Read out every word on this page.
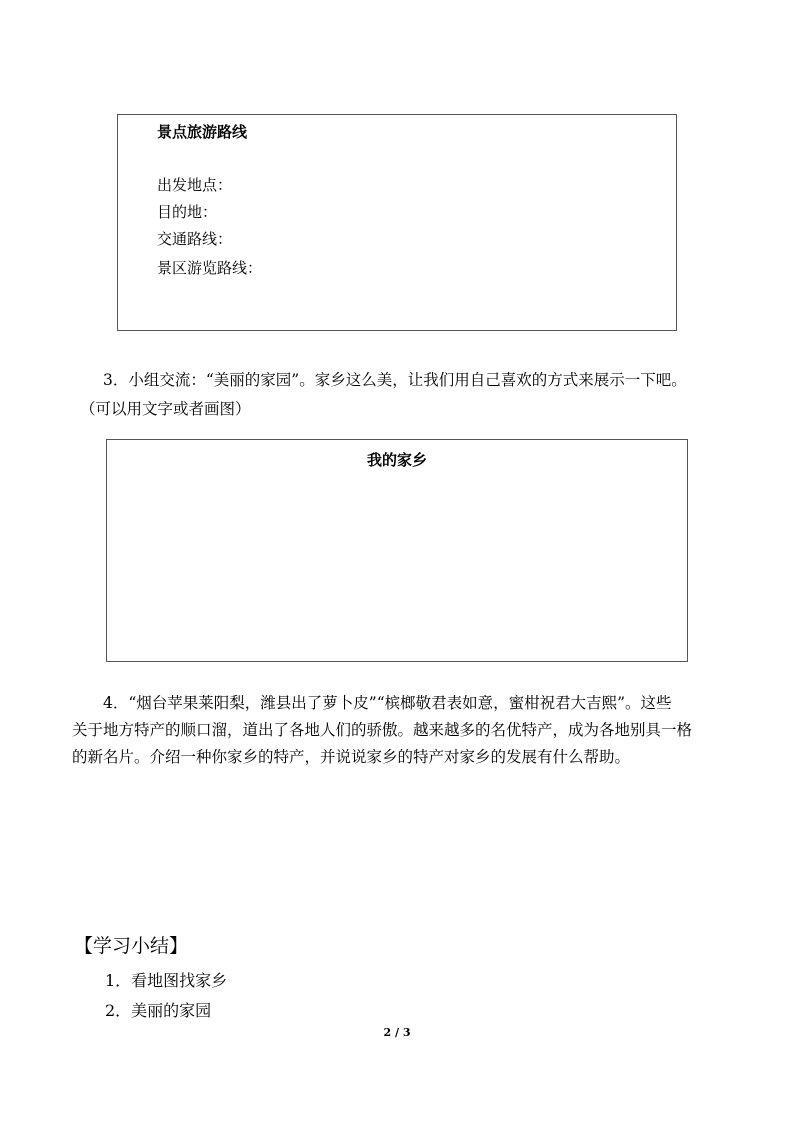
景点旅游路线
出发地点：
目的地：
交通路线：
景区游览路线：
3．小组交流：“美丽的家园”。家乡这么美，让我们用自己喜欢的方式来展示一下吧。
（可以用文字或者画图）
我的家乡
4．“烟台苹果莱阳梨，潍县出了萝卜皮”“槟榔敬君表如意，蜜柑祝君大吉熙”。这些
关于地方特产的顺口溜，道出了各地人们的骄傲。越来越多的名优特产，成为各地别具一格
的新名片。介绍一种你家乡的特产，并说说家乡的特产对家乡的发展有什么帮助。
【学习小结】
1．看地图找家乡
2．美丽的家园
2 / 3
